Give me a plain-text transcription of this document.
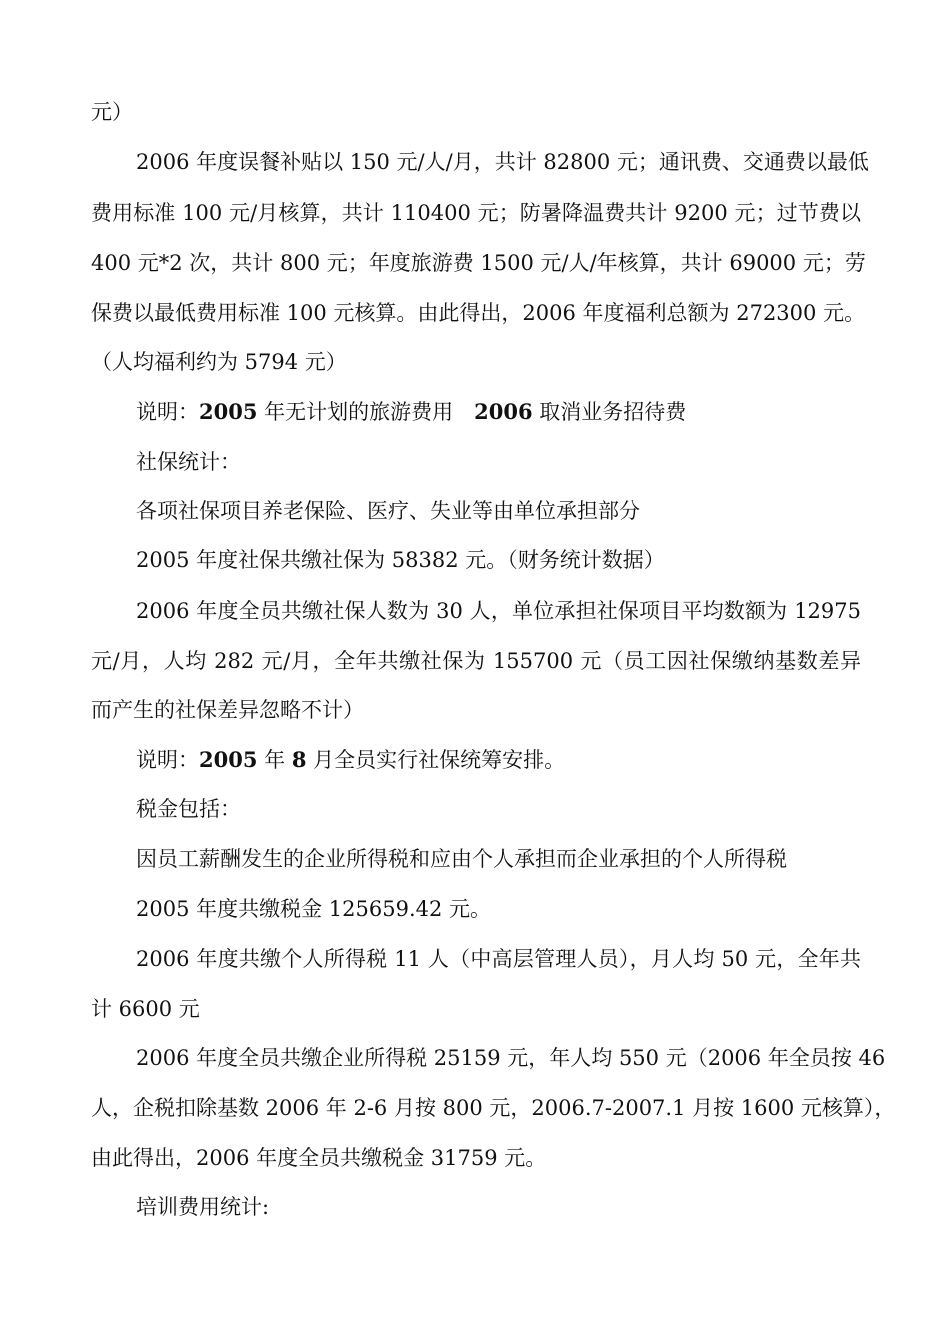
元）
2006 年度误餐补贴以 150 元/人/月，共计 82800 元；通讯费、交通费以最低
费用标准 100 元/月核算，共计 110400 元；防暑降温费共计 9200 元；过节费以
400 元*2 次，共计 800 元；年度旅游费 1500 元/人/年核算，共计 69000 元；劳
保费以最低费用标准 100 元核算。由此得出，2006 年度福利总额为 272300 元。
（人均福利约为 5794 元）
说明：2005 年无计划的旅游费用　2006 取消业务招待费
社保统计：
各项社保项目养老保险、医疗、失业等由单位承担部分
2005 年度社保共缴社保为 58382 元。（财务统计数据）
2006 年度全员共缴社保人数为 30 人，单位承担社保项目平均数额为 12975
元/月，人均 282 元/月，全年共缴社保为 155700 元（员工因社保缴纳基数差异
而产生的社保差异忽略不计）
说明：2005 年 8 月全员实行社保统筹安排。
税金包括：
因员工薪酬发生的企业所得税和应由个人承担而企业承担的个人所得税
2005 年度共缴税金 125659.42 元。
2006 年度共缴个人所得税 11 人（中高层管理人员），月人均 50 元，全年共
计 6600 元
2006 年度全员共缴企业所得税 25159 元，年人均 550 元（2006 年全员按 46
人，企税扣除基数 2006 年 2-6 月按 800 元，2006.7-2007.1 月按 1600 元核算），
由此得出，2006 年度全员共缴税金 31759 元。
培训费用统计:
